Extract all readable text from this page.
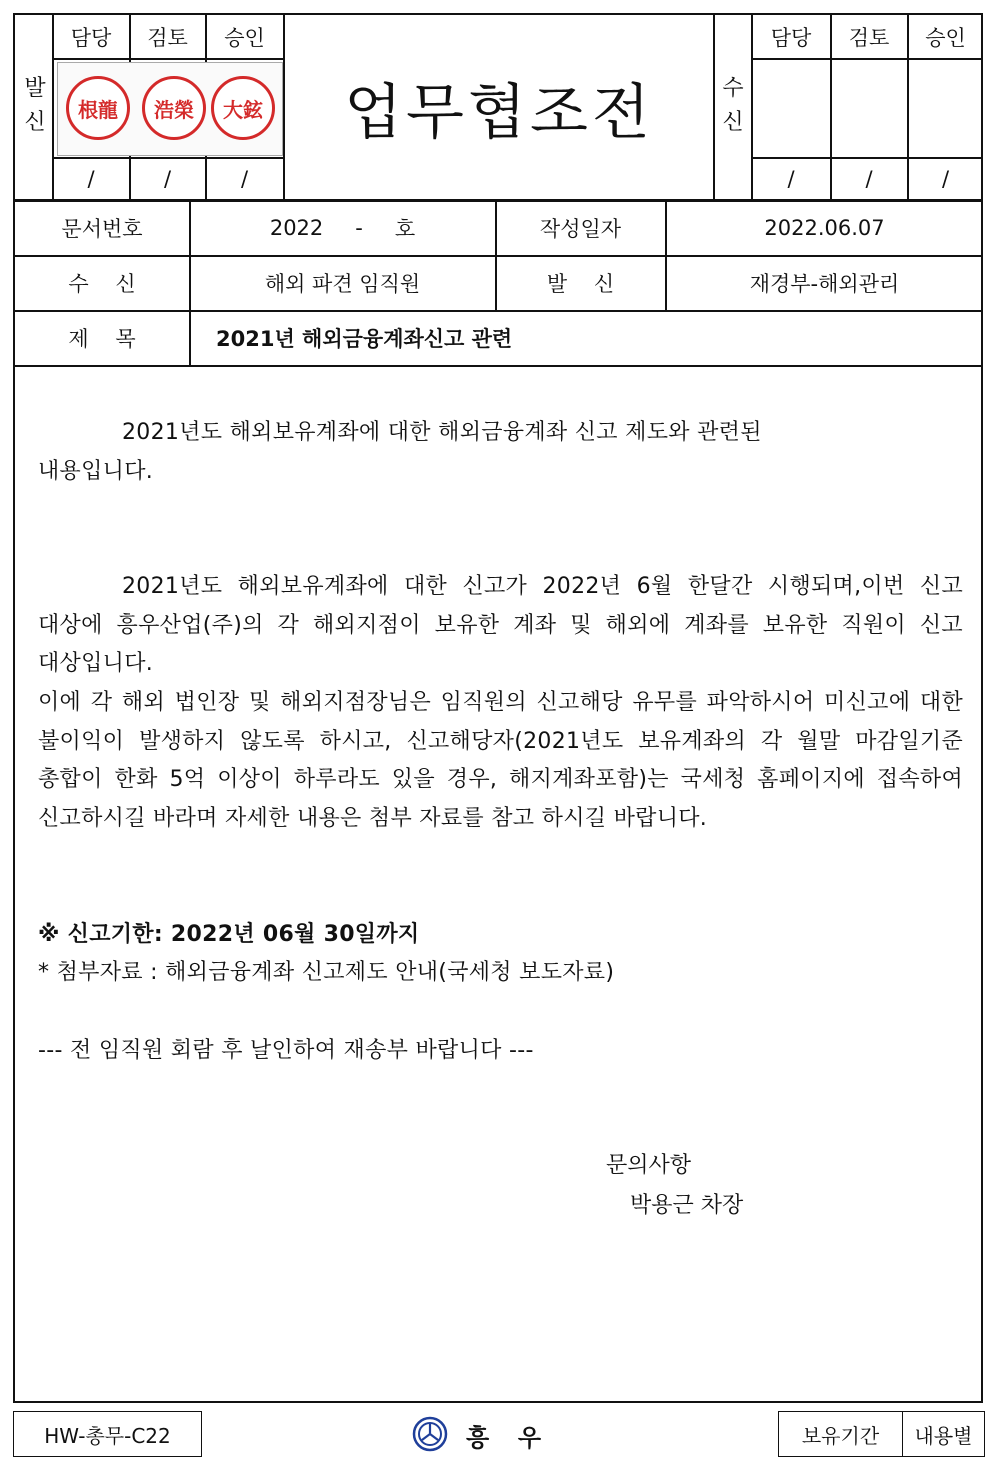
발신
수신
담당	검토	승인
根龍	浩榮	大鉉
/	/	/
업무협조전
담당	검토	승인
/	/	/
문서번호	2022 - 호	작성일자	2022.06.07
수    신	해외 파견 임직원	발    신	재경부-해외관리
제    목	2021년 해외금융계좌신고 관련
2021년도 해외보유계좌에 대한 해외금융계좌 신고 제도와 관련된 내용입니다.
2021년도 해외보유계좌에 대한 신고가 2022년 6월 한달간 시행되며,이번 신고 대상에 흥우산업(주)의 각 해외지점이 보유한 계좌 및 해외에 계좌를 보유한 직원이 신고 대상입니다.
이에 각 해외 법인장 및 해외지점장님은 임직원의 신고해당 유무를 파악하시어 미신고에 대한 불이익이 발생하지 않도록 하시고, 신고해당자(2021년도 보유계좌의 각 월말 마감일기준 총합이 한화 5억 이상이 하루라도 있을 경우, 해지계좌포함)는 국세청 홈페이지에 접속하여 신고하시길 바라며 자세한 내용은 첨부 자료를 참고 하시길 바랍니다.
※ 신고기한: 2022년 06월 30일까지
* 첨부자료 : 해외금융계좌 신고제도 안내(국세청 보도자료)
--- 전 임직원 회람 후 날인하여 재송부 바랍니다 ---
문의사항
박용근 차장
HW-총무-C22	흥  우	보유기간	내용별
